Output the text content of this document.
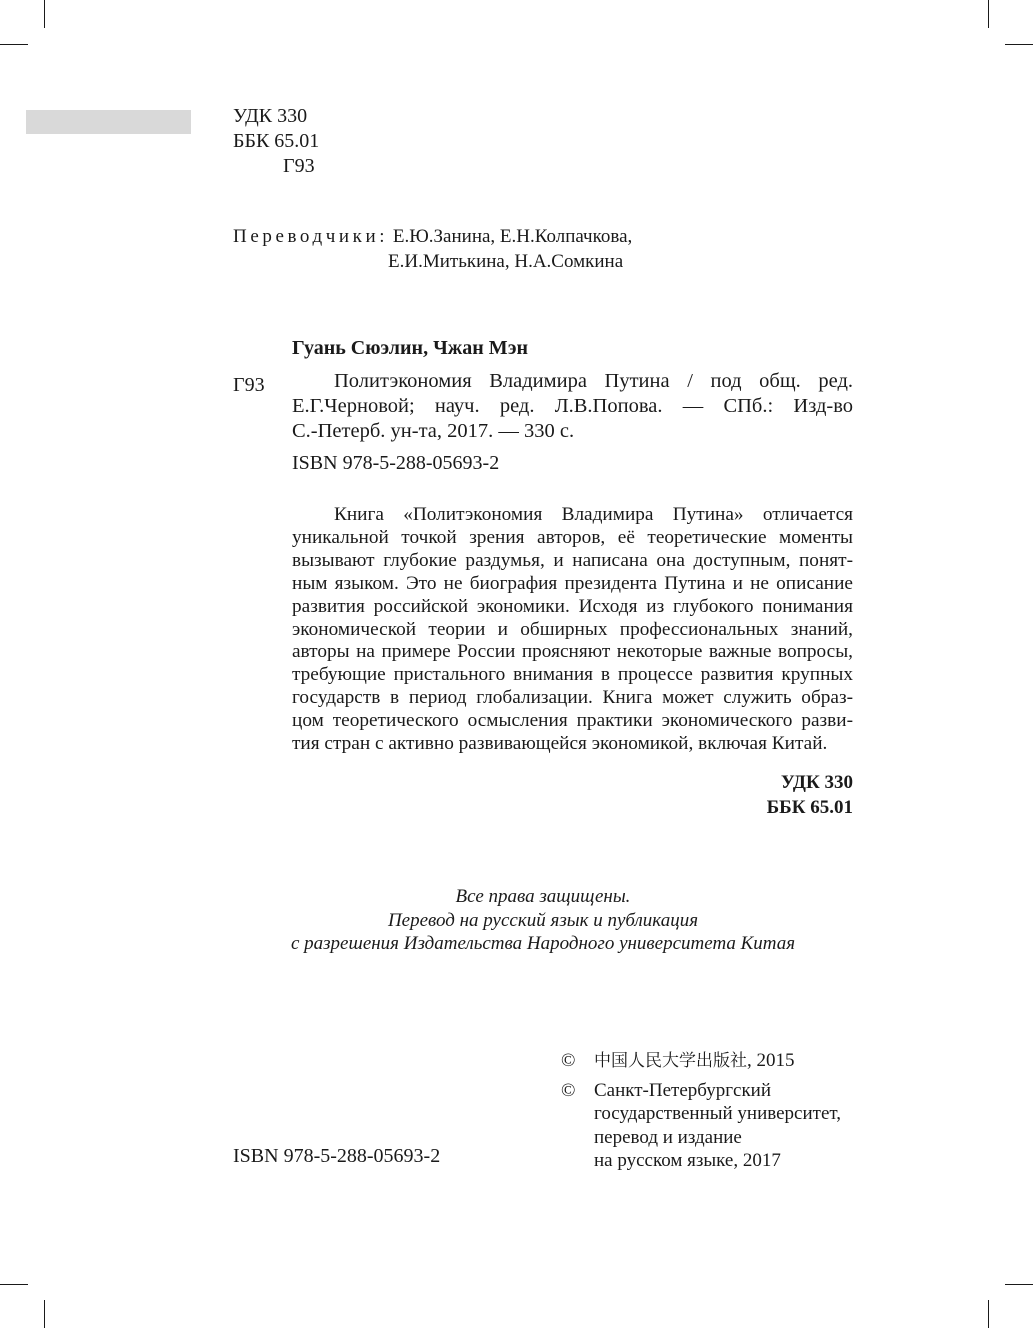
УДК 330
ББК 65.01
Г93
Переводчики: Е.Ю.Занина, Е.Н.Колпачкова,
Е.И.Митькина, Н.А.Сомкина
Гуань Сюэлин, Чжан Мэн
Г93	Политэкономия Владимира Путина / под общ. ред.
Е.Г.Черновой; науч. ред. Л.В.Попова. — СПб.: Изд-во
С.-Петерб. ун-та, 2017. — 330 с.
ISBN 978-5-288-05693-2
Книга «Политэкономия Владимира Путина» отличается
уникальной точкой зрения авторов, её теоретические моменты
вызывают глубокие раздумья, и написана она доступным, понят-
ным языком. Это не биография президента Путина и не описание
развития российской экономики. Исходя из глубокого понимания
экономической теории и обширных профессиональных знаний,
авторы на примере России проясняют некоторые важные вопросы,
требующие пристального внимания в процессе развития крупных
государств в период глобализации. Книга может служить образ-
цом теоретического осмысления практики экономического разви-
тия стран с активно развивающейся экономикой, включая Китай.
УДК 330
ББК 65.01
Все права защищены.
Перевод на русский язык и публикация
с разрешения Издательства Народного университета Китая
©	中国人民大学出版社, 2015
© Санкт-Петербургский
государственный университет,
перевод и издание
на русском языке, 2017
ISBN 978-5-288-05693-2
